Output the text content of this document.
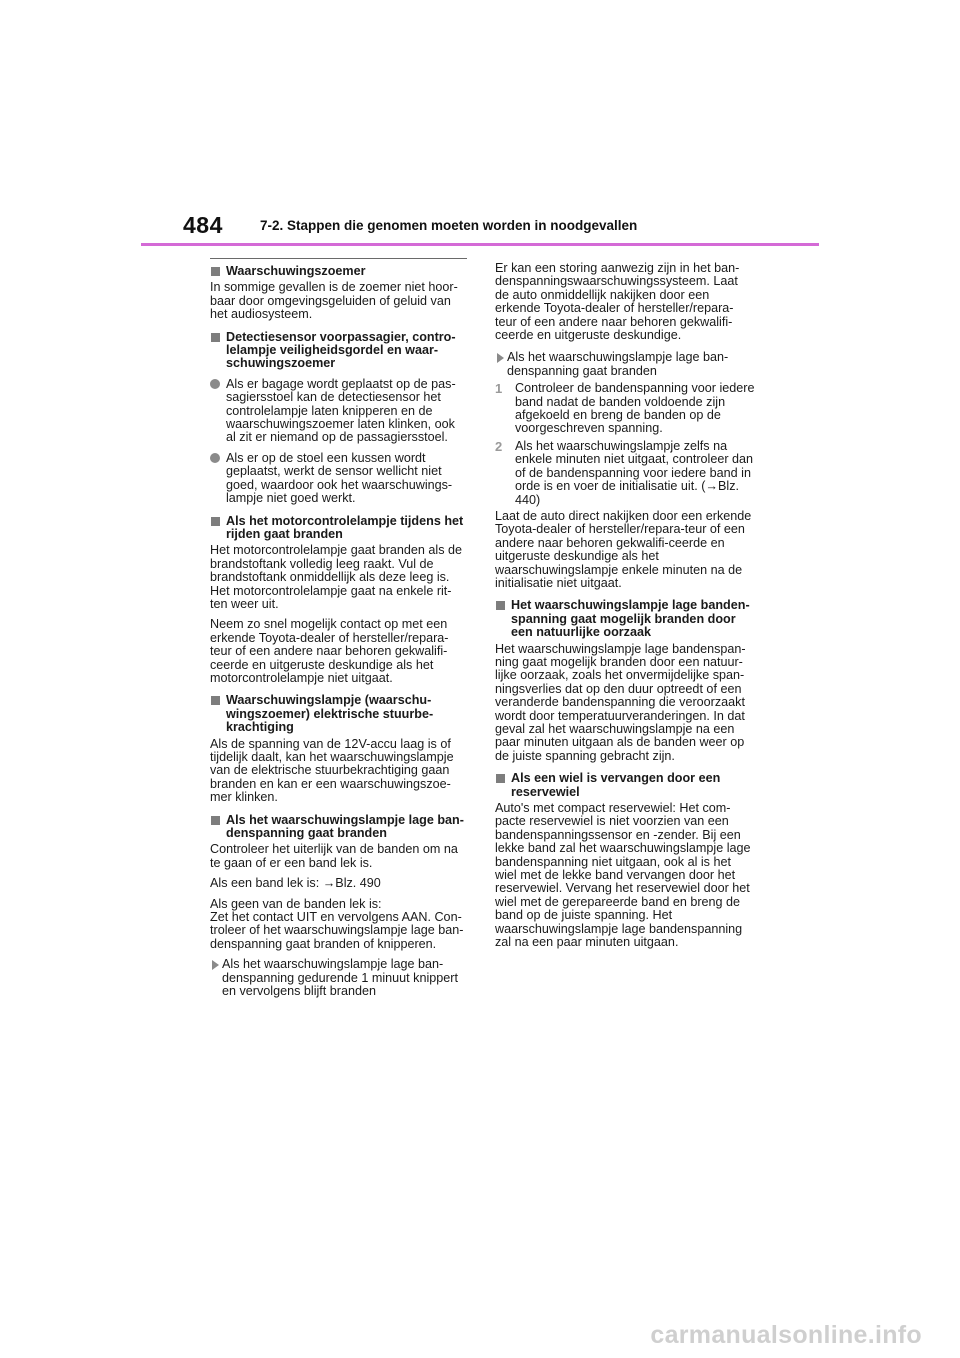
484	7-2. Stappen die genomen moeten worden in noodgevallen
Waarschuwingszoemer
In sommige gevallen is de zoemer niet hoor-baar door omgevingsgeluiden of geluid van het audiosysteem.
Detectiesensor voorpassagier, contro-lelampje veiligheidsgordel en waar-schuwingszoemer
Als er bagage wordt geplaatst op de pas-sagiersstoel kan de detectiesensor het controlelampje laten knipperen en de waarschuwingszoemer laten klinken, ook al zit er niemand op de passagiersstoel.
Als er op de stoel een kussen wordt geplaatst, werkt de sensor wellicht niet goed, waardoor ook het waarschuwings-lampje niet goed werkt.
Als het motorcontrolelampje tijdens het rijden gaat branden
Het motorcontrolelampje gaat branden als de brandstoftank volledig leeg raakt. Vul de brandstoftank onmiddellijk als deze leeg is. Het motorcontrolelampje gaat na enkele rit-ten weer uit.
Neem zo snel mogelijk contact op met een erkende Toyota-dealer of hersteller/repara-teur of een andere naar behoren gekwalifi-ceerde en uitgeruste deskundige als het motorcontrolelampje niet uitgaat.
Waarschuwingslampje (waarschu-wingszoemer) elektrische stuurbe-krachtiging
Als de spanning van de 12V-accu laag is of tijdelijk daalt, kan het waarschuwingslampje van de elektrische stuurbekrachtiging gaan branden en kan er een waarschuwingszoe-mer klinken.
Als het waarschuwingslampje lage ban-denspanning gaat branden
Controleer het uiterlijk van de banden om na te gaan of er een band lek is.
Als een band lek is: →Blz. 490
Als geen van de banden lek is:
Zet het contact UIT en vervolgens AAN. Con-troleer of het waarschuwingslampje lage ban-denspanning gaat branden of knipperen.
Als het waarschuwingslampje lage ban-denspanning gedurende 1 minuut knippert en vervolgens blijft branden
Er kan een storing aanwezig zijn in het ban-denspanningswaarschuwingssysteem. Laat de auto onmiddellijk nakijken door een erkende Toyota-dealer of hersteller/repara-teur of een andere naar behoren gekwalifi-ceerde en uitgeruste deskundige.
Als het waarschuwingslampje lage ban-denspanning gaat branden
1 Controleer de bandenspanning voor iedere band nadat de banden voldoende zijn afgekoeld en breng de banden op de voorgeschreven spanning.
2 Als het waarschuwingslampje zelfs na enkele minuten niet uitgaat, controleer dan of de bandenspanning voor iedere band in orde is en voer de initialisatie uit. (→Blz. 440)
Laat de auto direct nakijken door een erkende Toyota-dealer of hersteller/repara-teur of een andere naar behoren gekwalifi-ceerde en uitgeruste deskundige als het waarschuwingslampje enkele minuten na de initialisatie niet uitgaat.
Het waarschuwingslampje lage banden-spanning gaat mogelijk branden door een natuurlijke oorzaak
Het waarschuwingslampje lage bandenspan-ning gaat mogelijk branden door een natuur-lijke oorzaak, zoals het onvermijdelijke span-ningsverlies dat op den duur optreedt of een veranderde bandenspanning die veroorzaakt wordt door temperatuurveranderingen. In dat geval zal het waarschuwingslampje na een paar minuten uitgaan als de banden weer op de juiste spanning gebracht zijn.
Als een wiel is vervangen door een reservewiel
Auto's met compact reservewiel: Het com-pacte reservewiel is niet voorzien van een bandenspanningssensor en -zender. Bij een lekke band zal het waarschuwingslampje lage bandenspanning niet uitgaan, ook al is het wiel met de lekke band vervangen door het reservewiel. Vervang het reservewiel door het wiel met de gerepareerde band en breng de band op de juiste spanning. Het waarschuwingslampje lage bandenspanning zal na een paar minuten uitgaan.
carmanualsonline.info
